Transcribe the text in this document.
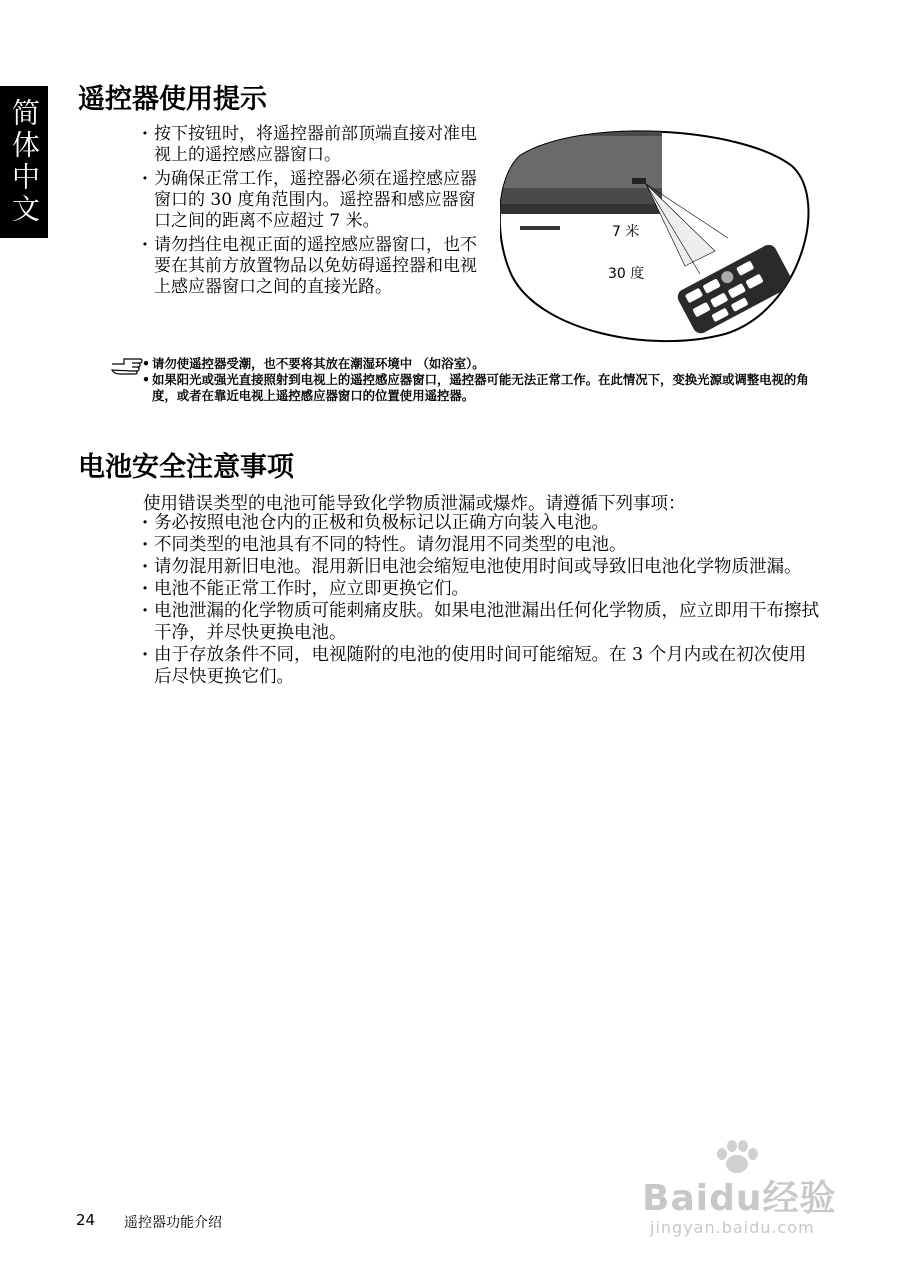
简体中文 遥控器使用提示
· 按下按钮时，将遥控器前部顶端直接对准电视上的遥控感应器窗口。
· 为确保正常工作，遥控器必须在遥控感应器窗口的 30 度角范围内。遥控器和感应器窗口之间的距离不应超过 7 米。
· 请勿挡住电视正面的遥控感应器窗口，也不要在其前方放置物品以免妨碍遥控器和电视上感应器窗口之间的直接光路。
7 米
30 度
• 请勿使遥控器受潮，也不要将其放在潮湿环境中 （如浴室）。
• 如果阳光或强光直接照射到电视上的遥控感应器窗口，遥控器可能无法正常工作。在此情况下，变换光源或调整电视的角度，或者在靠近电视上遥控感应器窗口的位置使用遥控器。
电池安全注意事项

使用错误类型的电池可能导致化学物质泄漏或爆炸。请遵循下列事项：

· 务必按照电池仓内的正极和负极标记以正确方向装入电池。
· 不同类型的电池具有不同的特性。请勿混用不同类型的电池。
· 请勿混用新旧电池。混用新旧电池会缩短电池使用时间或导致旧电池化学物质泄漏。
· 电池不能正常工作时，应立即更换它们。
· 电池泄漏的化学物质可能刺痛皮肤。如果电池泄漏出任何化学物质，应立即用干布擦拭干净，并尽快更换电池。
· 由于存放条件不同，电视随附的电池的使用时间可能缩短。在 3 个月内或在初次使用后尽快更换它们。
Baidu经验
jingyan.baidu.com
24 遥控器功能介绍
